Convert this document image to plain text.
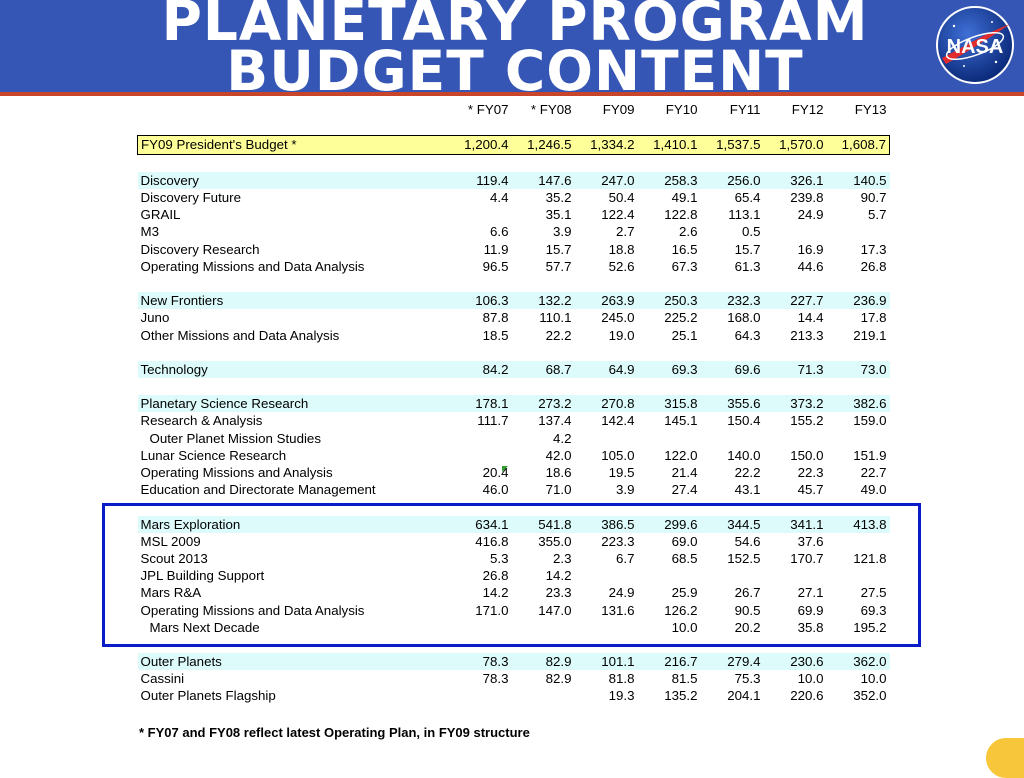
PLANETARY PROGRAM
BUDGET CONTENT	NASA
	* FY07	* FY08	FY09	FY10	FY11	FY12	FY13

FY09 President's Budget *	1,200.4	1,246.5	1,334.2	1,410.1	1,537.5	1,570.0	1,608.7

Discovery	119.4	147.6	247.0	258.3	256.0	326.1	140.5
Discovery Future	4.4	35.2	50.4	49.1	65.4	239.8	90.7
GRAIL		35.1	122.4	122.8	113.1	24.9	5.7
M3	6.6	3.9	2.7	2.6	0.5		
Discovery Research	11.9	15.7	18.8	16.5	15.7	16.9	17.3
Operating Missions and Data Analysis	96.5	57.7	52.6	67.3	61.3	44.6	26.8

New Frontiers	106.3	132.2	263.9	250.3	232.3	227.7	236.9
Juno	87.8	110.1	245.0	225.2	168.0	14.4	17.8
Other Missions and Data Analysis	18.5	22.2	19.0	25.1	64.3	213.3	219.1

Technology	84.2	68.7	64.9	69.3	69.6	71.3	73.0

Planetary Science Research	178.1	273.2	270.8	315.8	355.6	373.2	382.6
Research & Analysis	111.7	137.4	142.4	145.1	150.4	155.2	159.0
Outer Planet Mission Studies		4.2					
Lunar Science Research		42.0	105.0	122.0	140.0	150.0	151.9
Operating Missions and Analysis	20.4	18.6	19.5	21.4	22.2	22.3	22.7
Education and Directorate Management	46.0	71.0	3.9	27.4	43.1	45.7	49.0

Mars Exploration	634.1	541.8	386.5	299.6	344.5	341.1	413.8
MSL 2009	416.8	355.0	223.3	69.0	54.6	37.6	
Scout 2013	5.3	2.3	6.7	68.5	152.5	170.7	121.8
JPL Building Support	26.8	14.2					
Mars R&A	14.2	23.3	24.9	25.9	26.7	27.1	27.5
Operating Missions and Data Analysis	171.0	147.0	131.6	126.2	90.5	69.9	69.3
Mars Next Decade				10.0	20.2	35.8	195.2

Outer Planets	78.3	82.9	101.1	216.7	279.4	230.6	362.0
Cassini	78.3	82.9	81.8	81.5	75.3	10.0	10.0
Outer Planets Flagship			19.3	135.2	204.1	220.6	352.0
* FY07 and FY08 reflect latest Operating Plan, in FY09 structure
